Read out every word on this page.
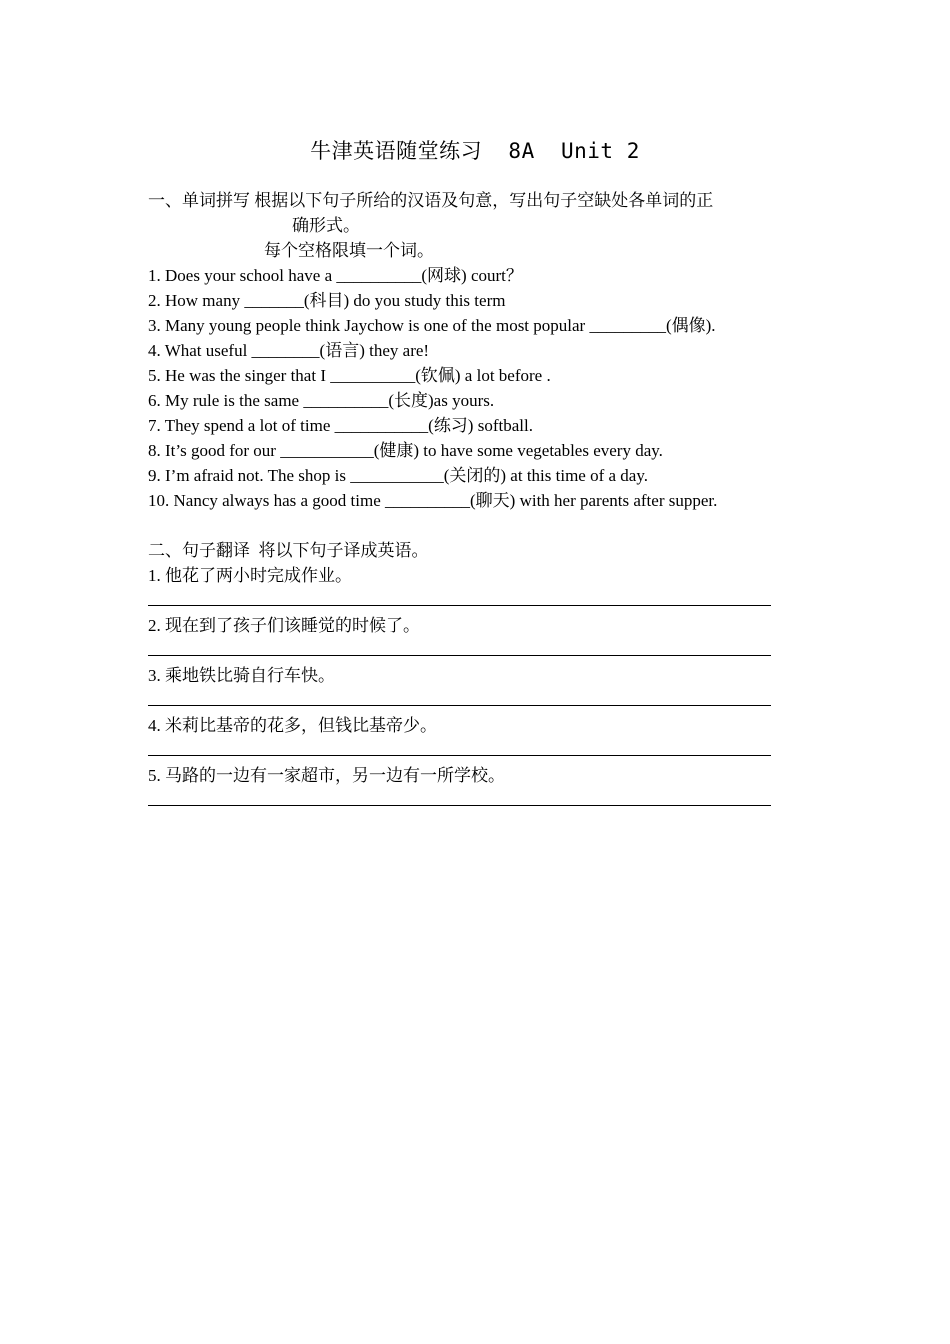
牛津英语随堂练习  8A  Unit 2
一、单词拼写 根据以下句子所给的汉语及句意，写出句子空缺处各单词的正
确形式。
每个空格限填一个词。
1. Does your school have a __________(网球) court？
2. How many _______(科目) do you study this term
3. Many young people think Jaychow is one of the most popular _________(偶像).
4. What useful ________(语言) they are!
5. He was the singer that I __________(钦佩) a lot before .
6. My rule is the same __________(长度)as yours.
7. They spend a lot of time ___________(练习) softball.
8. It’s good for our ___________(健康) to have some vegetables every day.
9. I’m afraid not. The shop is ___________(关闭的) at this time of a day.
10. Nancy always has a good time __________(聊天) with her parents after supper.
二、句子翻译  将以下句子译成英语。
1. 他花了两小时完成作业。
2. 现在到了孩子们该睡觉的时候了。
3. 乘地铁比骑自行车快。
4. 米莉比基帝的花多，但钱比基帝少。
5. 马路的一边有一家超市，另一边有一所学校。
